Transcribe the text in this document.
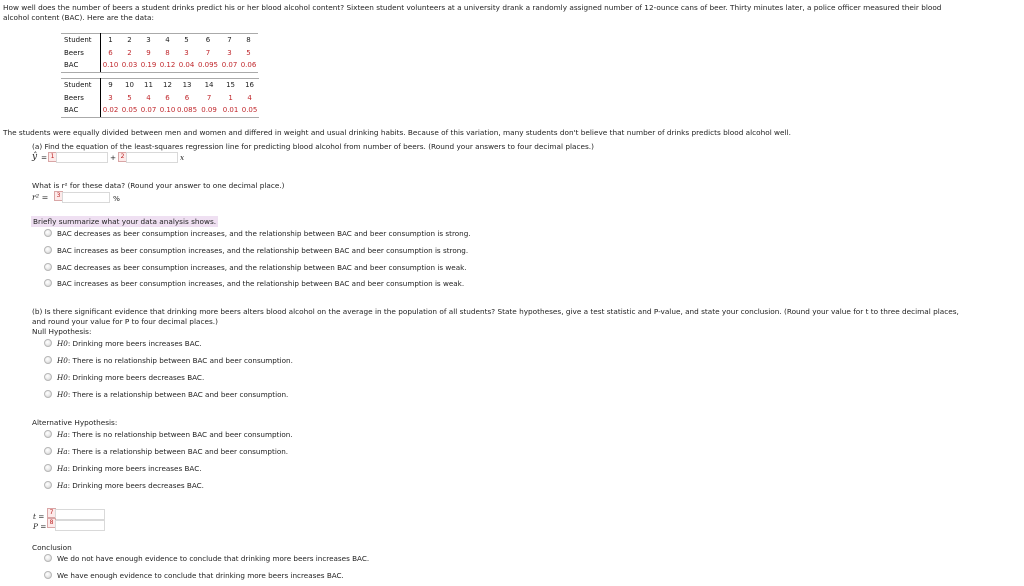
How well does the number of beers a student drinks predict his or her blood alcohol content? Sixteen student volunteers at a university drank a randomly assigned number of 12-ounce cans of beer. Thirty minutes later, a police officer measured their blood
alcohol content (BAC). Here are the data:
Student	1	2	3	4	5	6	7	8
Beers	6	2	9	8	3	7	3	5
BAC	0.10	0.03	0.19	0.12	0.04	0.095	0.07	0.06
Student	9	10	11	12	13	14	15	16
Beers	3	5	4	6	6	7	1	4
BAC	0.02	0.05	0.07	0.10	0.085	0.09	0.01	0.05
The students were equally divided between men and women and differed in weight and usual drinking habits. Because of this variation, many students don't believe that number of drinks predicts blood alcohol well.
(a) Find the equation of the least-squares regression line for predicting blood alcohol from number of beers. (Round your answers to four decimal places.)
ŷ = 1	+ 2	x
What is r² for these data? (Round your answer to one decimal place.)
r² =	3	%
Briefly summarize what your data analysis shows.
BAC decreases as beer consumption increases, and the relationship between BAC and beer consumption is strong.
BAC increases as beer consumption increases, and the relationship between BAC and beer consumption is strong.
BAC decreases as beer consumption increases, and the relationship between BAC and beer consumption is weak.
BAC increases as beer consumption increases, and the relationship between BAC and beer consumption is weak.
(b) Is there significant evidence that drinking more beers alters blood alcohol on the average in the population of all students? State hypotheses, give a test statistic and P-value, and state your conclusion. (Round your value for t to three decimal places,
and round your value for P to four decimal places.)
Null Hypothesis:
H0: Drinking more beers increases BAC.
H0: There is no relationship between BAC and beer consumption.
H0: Drinking more beers decreases BAC.
H0: There is a relationship between BAC and beer consumption.
Alternative Hypothesis:
Ha: There is no relationship between BAC and beer consumption.
Ha: There is a relationship between BAC and beer consumption.
Ha: Drinking more beers increases BAC.
Ha: Drinking more beers decreases BAC.
t = 7
P = 8
Conclusion
We do not have enough evidence to conclude that drinking more beers increases BAC.
We have enough evidence to conclude that drinking more beers increases BAC.
